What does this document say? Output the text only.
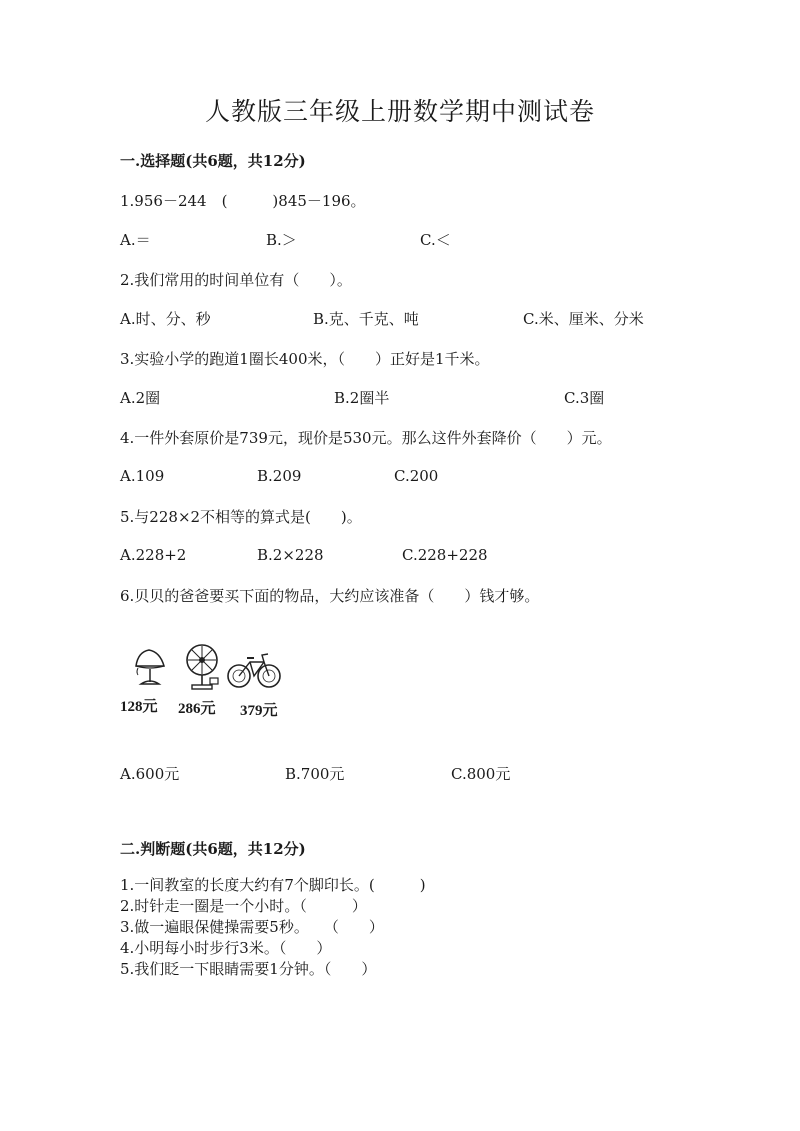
人教版三年级上册数学期中测试卷
一.选择题(共6题，共12分)
1.956－244　(　　　)845－196。
A.＝	B.＞	C.＜
2.我们常用的时间单位有（　　）。
A.时、分、秒	B.克、千克、吨	C.米、厘米、分米
3.实验小学的跑道1圈长400米，（　　）正好是1千米。
A.2圈	B.2圈半	C.3圈
4.一件外套原价是739元，现价是530元。那么这件外套降价（　　）元。
A.109	B.209	C.200
5.与228×2不相等的算式是(　　)。
A.228+2	B.2×228	C.228+228
6.贝贝的爸爸要买下面的物品，大约应该准备（　　）钱才够。
128元 286元 379元
A.600元	B.700元	C.800元
二.判断题(共6题，共12分)
1.一间教室的长度大约有7个脚印长。(　　　)
2.时针走一圈是一个小时。（　　　）
3.做一遍眼保健操需要5秒。　　（　　）
4.小明每小时步行3米。（　　）
5.我们眨一下眼睛需要1分钟。（　　）
